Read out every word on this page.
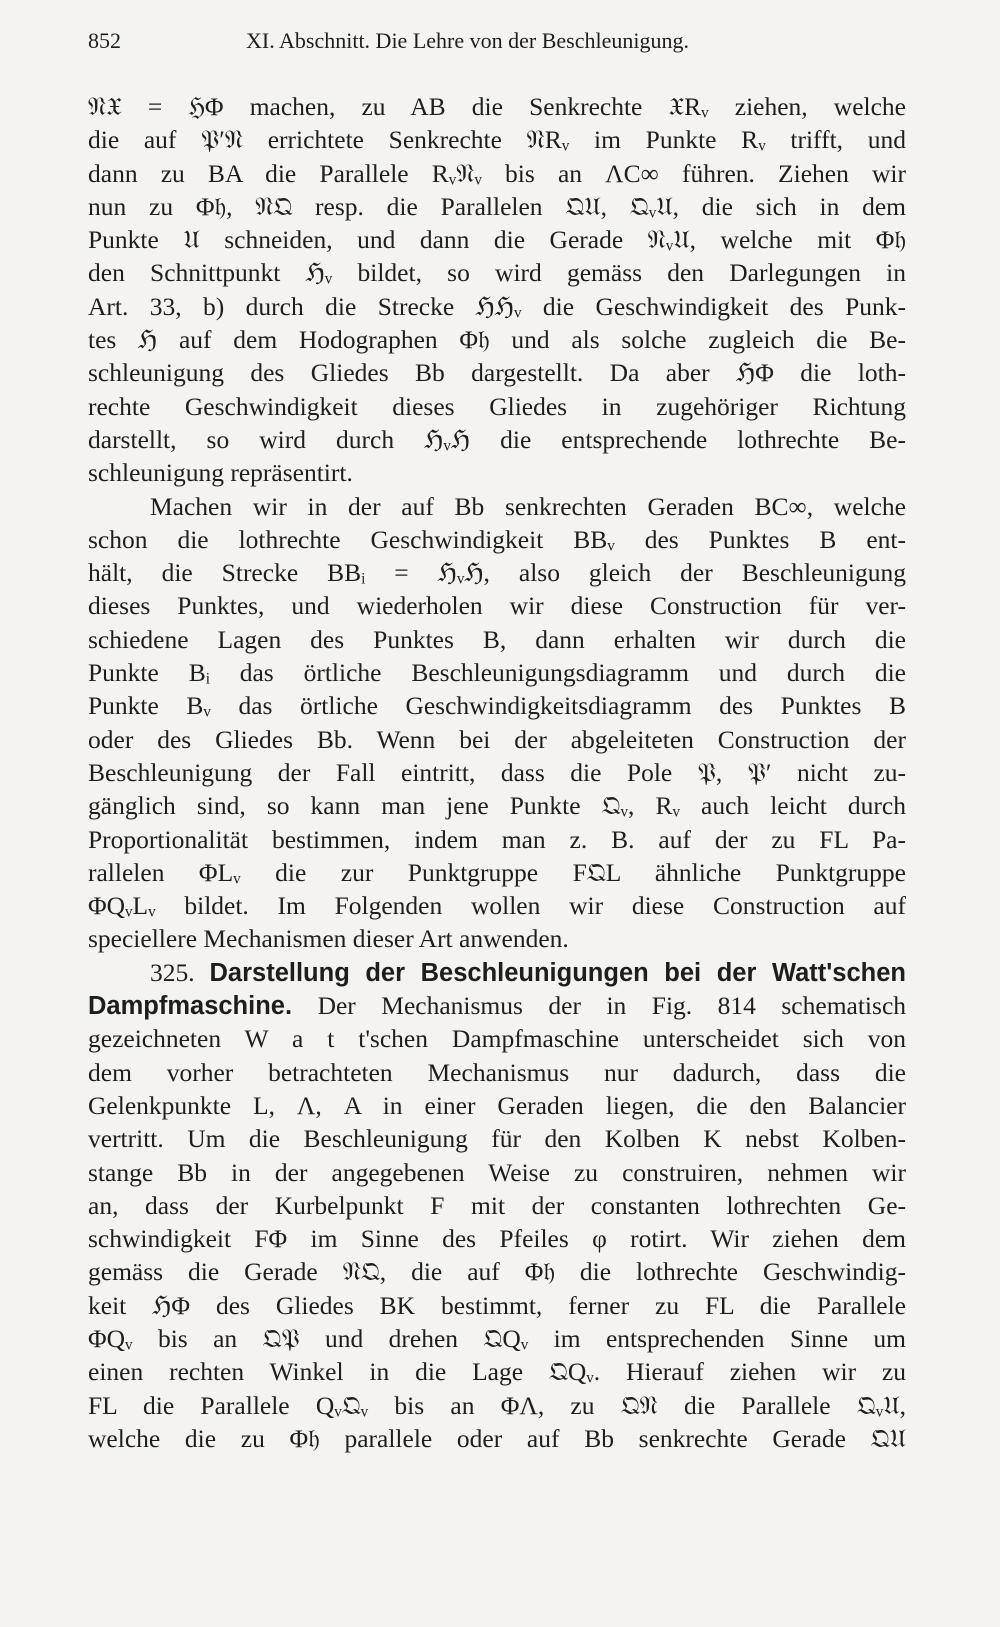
852	XI. Abschnitt. Die Lehre von der Beschleunigung.
𝔑𝔛 = ℌΦ machen, zu AB die Senkrechte 𝔛Rᵥ ziehen, welche
die auf 𝔓′𝔑 errichtete Senkrechte 𝔑Rᵥ im Punkte Rᵥ trifft, und
dann zu BA die Parallele Rᵥ𝔑ᵥ bis an ΛC∞ führen. Ziehen wir
nun zu Φ𝔥, 𝔑𝔔 resp. die Parallelen 𝔔𝔘, 𝔔ᵥ𝔘, die sich in dem
Punkte 𝔘 schneiden, und dann die Gerade 𝔑ᵥ𝔘, welche mit Φ𝔥
den Schnittpunkt ℌᵥ bildet, so wird gemäss den Darlegungen in
Art. 33, b) durch die Strecke ℌℌᵥ die Geschwindigkeit des Punk-
tes ℌ auf dem Hodographen Φ𝔥 und als solche zugleich die Be-
schleunigung des Gliedes Bb dargestellt. Da aber ℌΦ die loth-
rechte Geschwindigkeit dieses Gliedes in zugehöriger Richtung
darstellt, so wird durch ℌᵥℌ die entsprechende lothrechte Be-
schleunigung repräsentirt.
Machen wir in der auf Bb senkrechten Geraden BC∞, welche
schon die lothrechte Geschwindigkeit BBᵥ des Punktes B ent-
hält, die Strecke BBᵢ = ℌᵥℌ, also gleich der Beschleunigung
dieses Punktes, und wiederholen wir diese Construction für ver-
schiedene Lagen des Punktes B, dann erhalten wir durch die
Punkte Bᵢ das örtliche Beschleunigungsdiagramm und durch die
Punkte Bᵥ das örtliche Geschwindigkeitsdiagramm des Punktes B
oder des Gliedes Bb. Wenn bei der abgeleiteten Construction der
Beschleunigung der Fall eintritt, dass die Pole 𝔓, 𝔓′ nicht zu-
gänglich sind, so kann man jene Punkte 𝔔ᵥ, Rᵥ auch leicht durch
Proportionalität bestimmen, indem man z. B. auf der zu FL Pa-
rallelen ΦLᵥ die zur Punktgruppe F𝔔L ähnliche Punktgruppe
ΦQᵥLᵥ bildet. Im Folgenden wollen wir diese Construction auf
speciellere Mechanismen dieser Art anwenden.
325. Darstellung der Beschleunigungen bei der Watt'schen
Dampfmaschine. Der Mechanismus der in Fig. 814 schematisch
gezeichneten W a t t'schen Dampfmaschine unterscheidet sich von
dem vorher betrachteten Mechanismus nur dadurch, dass die
Gelenkpunkte L, Λ, A in einer Geraden liegen, die den Balancier
vertritt. Um die Beschleunigung für den Kolben K nebst Kolben-
stange Bb in der angegebenen Weise zu construiren, nehmen wir
an, dass der Kurbelpunkt F mit der constanten lothrechten Ge-
schwindigkeit FΦ im Sinne des Pfeiles φ rotirt. Wir ziehen dem
gemäss die Gerade 𝔑𝔔, die auf Φ𝔥 die lothrechte Geschwindig-
keit ℌΦ des Gliedes BK bestimmt, ferner zu FL die Parallele
ΦQᵥ bis an 𝔔𝔓 und drehen 𝔔Qᵥ im entsprechenden Sinne um
einen rechten Winkel in die Lage 𝔔Qᵥ. Hierauf ziehen wir zu
FL die Parallele Qᵥ𝔔ᵥ bis an ΦΛ, zu 𝔔𝔑 die Parallele 𝔔ᵥ𝔘,
welche die zu Φ𝔥 parallele oder auf Bb senkrechte Gerade 𝔔𝔘
